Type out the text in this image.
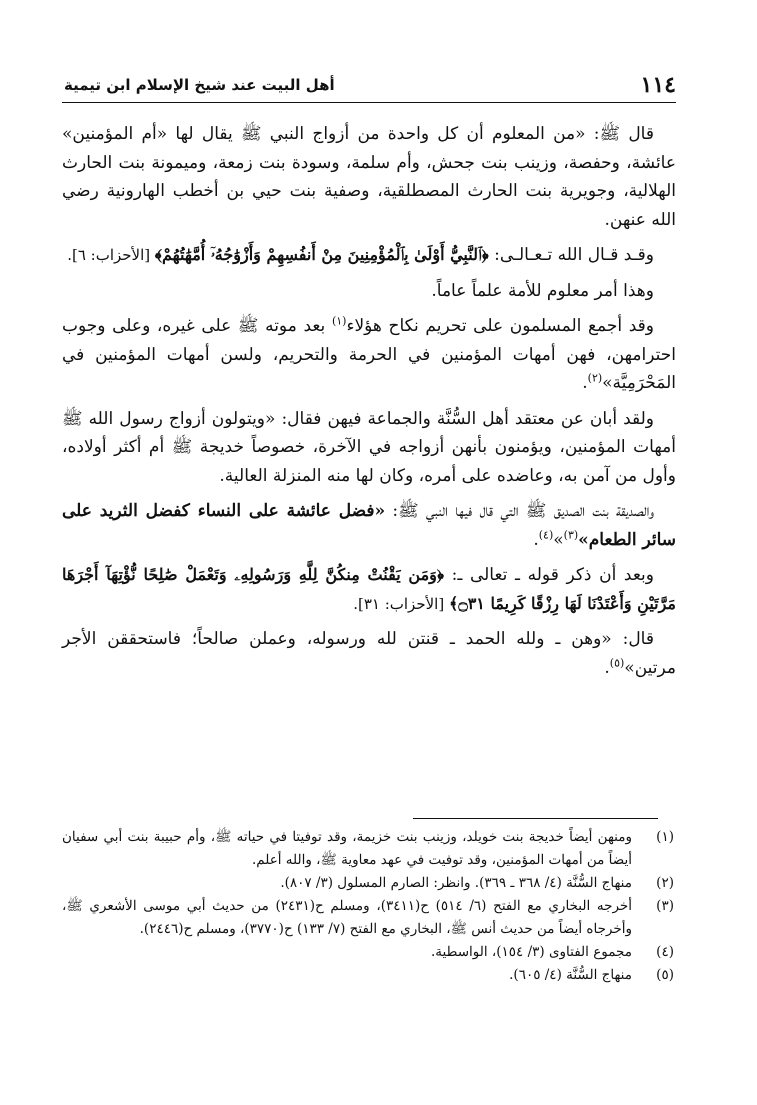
١١٤
أهل البيت عند شيخ الإسلام ابن تيمية

قال ﷺ: «من المعلوم أن كل واحدة من أزواج النبي ﷺ يقال لها «أم المؤمنين» عائشة، وحفصة، وزينب بنت جحش، وأم سلمة، وسودة بنت زمعة، وميمونة بنت الحارث الهلالية، وجويرية بنت الحارث المصطلقية، وصفية بنت حيي بن أخطب الهارونية رضي الله عنهن.

وقـد قـال الله تـعـالـى: ﴿ٱلنَّبِيُّ أَوْلَىٰ بِٱلْمُؤْمِنِينَ مِنْ أَنفُسِهِمْ وَأَزْوَٰجُهُۥٓ أُمَّهَٰتُهُمْ﴾ [الأحزاب: ٦].

وهذا أمر معلوم للأمة علماً عاماً.

وقد أجمع المسلمون على تحريم نكاح هؤلاء$^{(١)}$ بعد موته ﷺ على غيره، وعلى وجوب احترامهن، فهن أمهات المؤمنين في الحرمة والتحريم، ولسن أمهات المؤمنين في المَحْرَمِيَّة»$^{(٢)}$.

ولقد أبان عن معتقد أهل السُّنَّة والجماعة فيهن فقال: «ويتولون أزواج رسول الله ﷺ أمهات المؤمنين، ويؤمنون بأنهن أزواجه في الآخرة، خصوصاً خديجة ﷺ أم أكثر أولاده، وأول من آمن به، وعاضده على أمره، وكان لها منه المنزلة العالية.

والصديقة بنت الصديق ﷺ التي قال فيها النبي ﷺ: «فضل عائشة على النساء كفضل الثريد على سائر الطعام»$^{(٣)}$»$^{(٤)}$.

وبعد أن ذكر قوله ـ تعالى ـ: ﴿وَمَن يَقْنُتْ مِنكُنَّ لِلَّهِ وَرَسُولِهِۦ وَتَعْمَلْ صَٰلِحًا نُّؤْتِهَآ أَجْرَهَا مَرَّتَيْنِ وَأَعْتَدْنَا لَهَا رِزْقًا كَرِيمًا ۝٣١﴾ [الأحزاب: ٣١].

قال: «وهن ـ ولله الحمد ـ قنتن لله ورسوله، وعملن صالحاً؛ فاستحققن الأجر مرتين»$^{(٥)}$.

(١)
ومنهن أيضاً خديجة بنت خويلد، وزينب بنت خزيمة، وقد توفيتا في حياته ﷺ، وأم حبيبة بنت أبي سفيان أيضاً من أمهات المؤمنين، وقد توفيت في عهد معاوية ﷺ، والله أعلم.
(٢)
منهاج السُّنَّة (٤/ ٣٦٨ ـ ٣٦٩). وانظر: الصارم المسلول (٣/ ٨٠٧).
(٣)
أخرجه البخاري مع الفتح (٦/ ٥١٤) ح(٣٤١١)، ومسلم ح(٢٤٣١) من حديث أبي موسى الأشعري ﷺ، وأخرجاه أيضاً من حديث أنس ﷺ، البخاري مع الفتح (٧/ ١٣٣) ح(٣٧٧٠)، ومسلم ح(٢٤٤٦).
(٤)
مجموع الفتاوى (٣/ ١٥٤)، الواسطية.
(٥)
منهاج السُّنَّة (٤/ ٦٠٥).
